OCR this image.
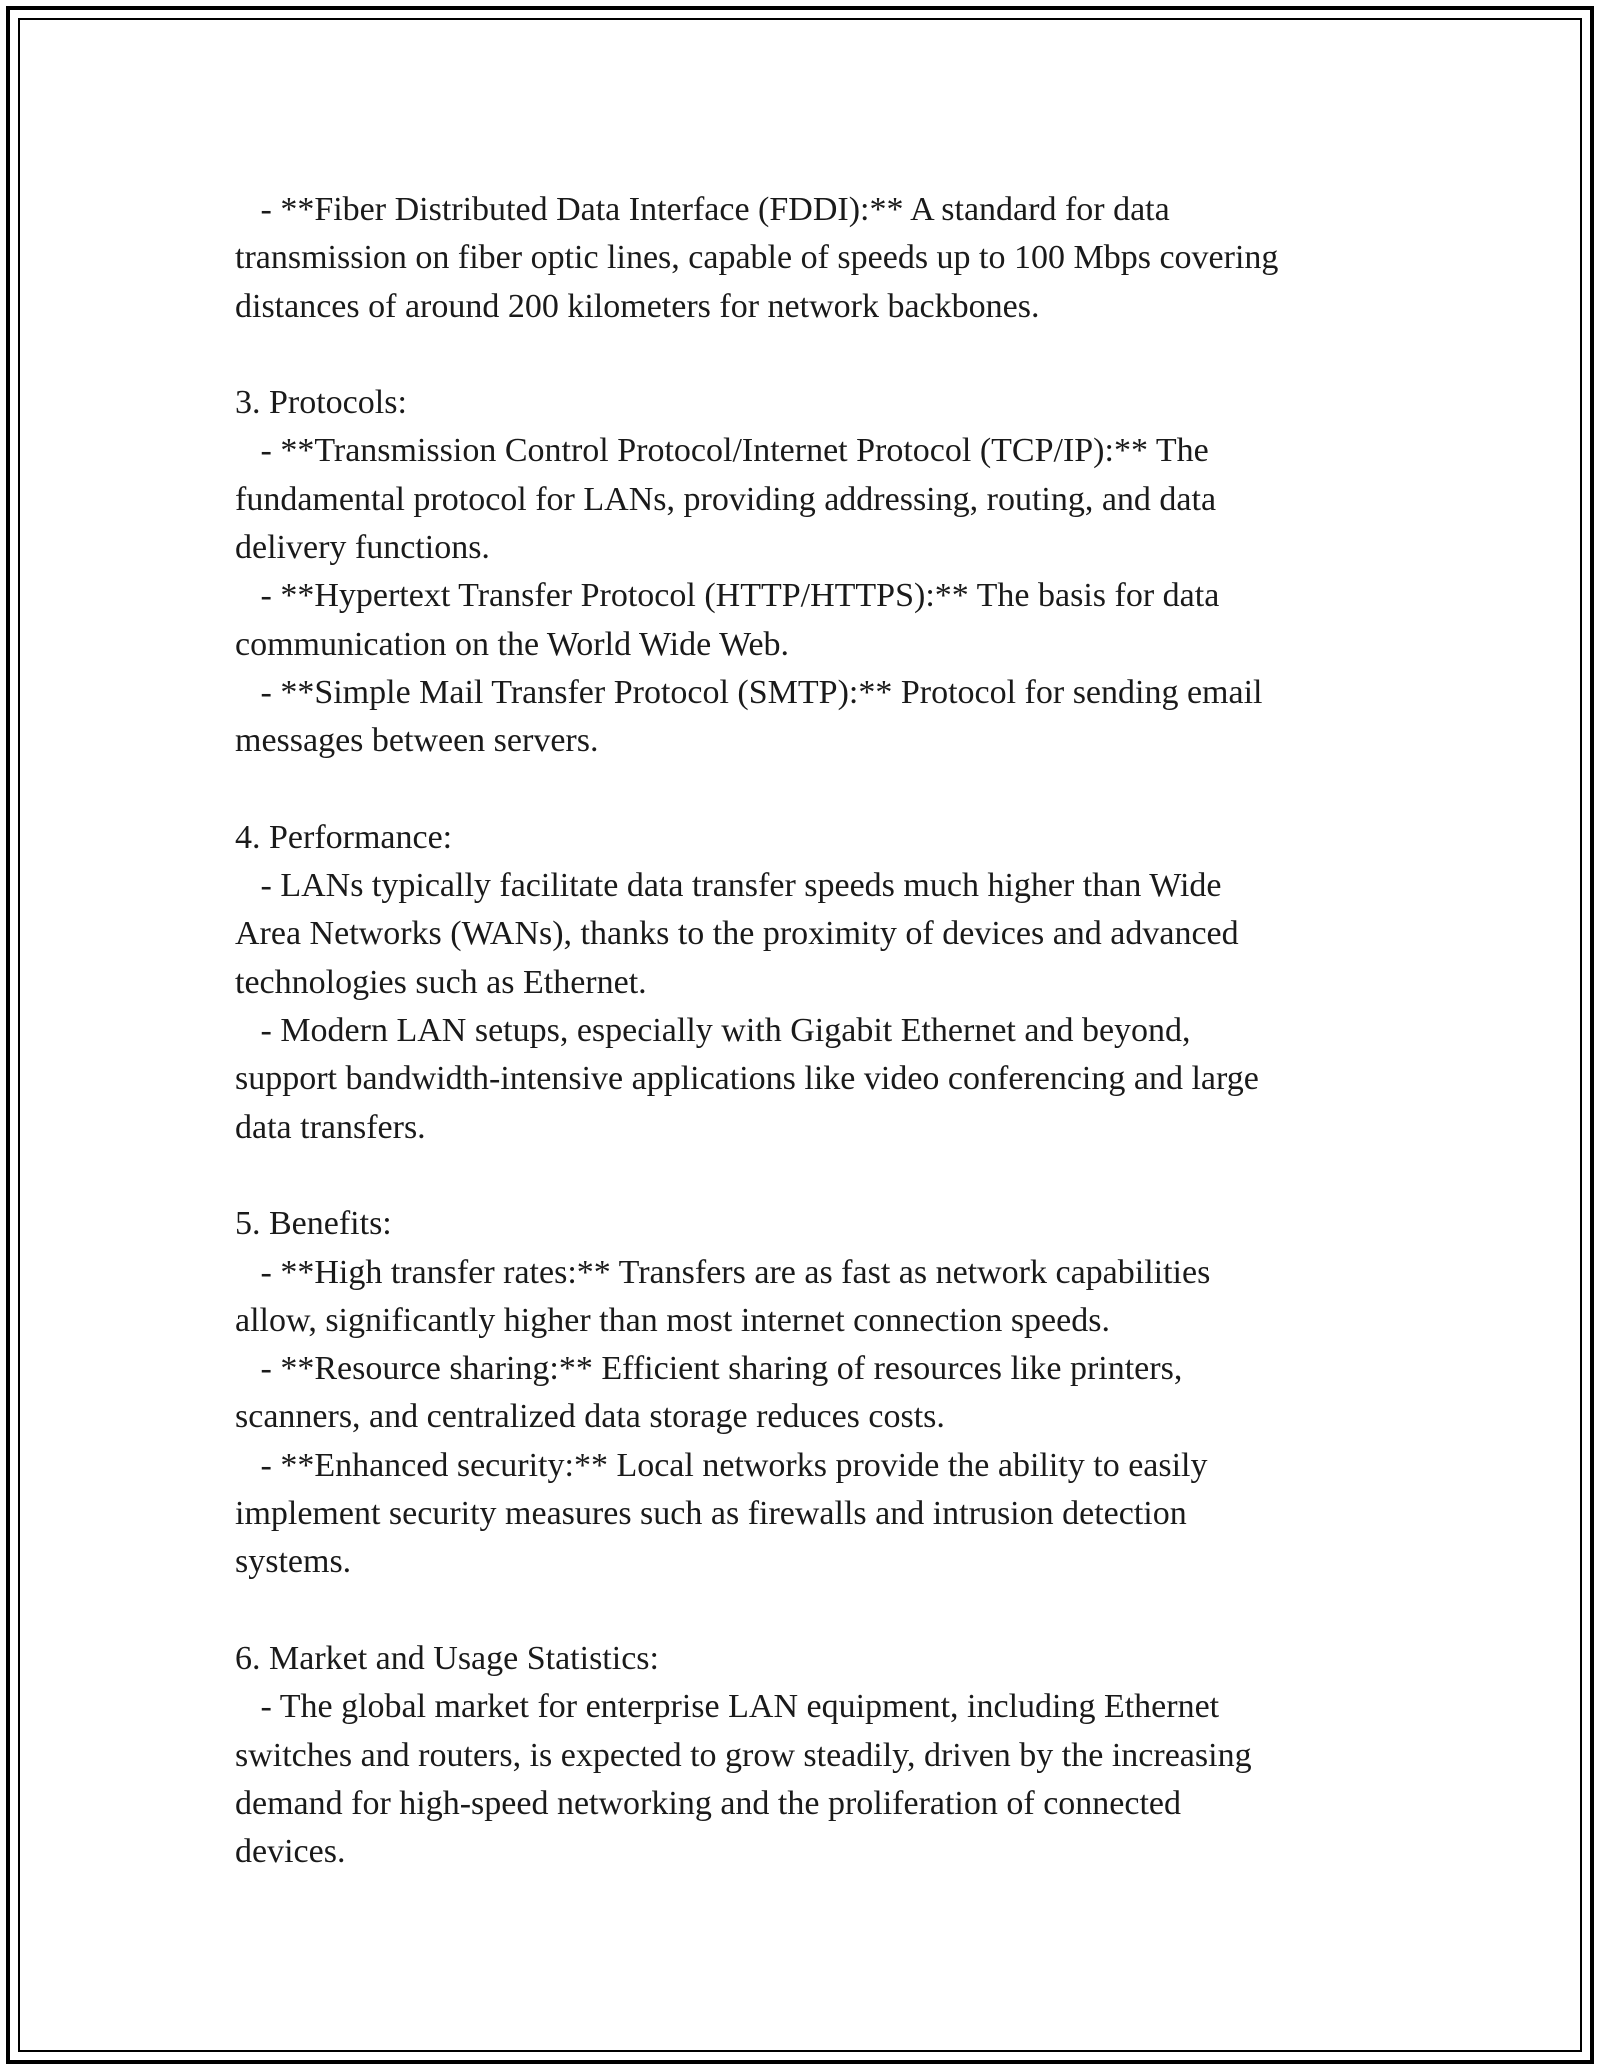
- **Fiber Distributed Data Interface (FDDI):** A standard for data
transmission on fiber optic lines, capable of speeds up to 100 Mbps covering
distances of around 200 kilometers for network backbones.
3. Protocols:
- **Transmission Control Protocol/Internet Protocol (TCP/IP):** The
fundamental protocol for LANs, providing addressing, routing, and data
delivery functions.
- **Hypertext Transfer Protocol (HTTP/HTTPS):** The basis for data
communication on the World Wide Web.
- **Simple Mail Transfer Protocol (SMTP):** Protocol for sending email
messages between servers.
4. Performance:
- LANs typically facilitate data transfer speeds much higher than Wide
Area Networks (WANs), thanks to the proximity of devices and advanced
technologies such as Ethernet.
- Modern LAN setups, especially with Gigabit Ethernet and beyond,
support bandwidth-intensive applications like video conferencing and large
data transfers.
5. Benefits:
- **High transfer rates:** Transfers are as fast as network capabilities
allow, significantly higher than most internet connection speeds.
- **Resource sharing:** Efficient sharing of resources like printers,
scanners, and centralized data storage reduces costs.
- **Enhanced security:** Local networks provide the ability to easily
implement security measures such as firewalls and intrusion detection
systems.
6. Market and Usage Statistics:
- The global market for enterprise LAN equipment, including Ethernet
switches and routers, is expected to grow steadily, driven by the increasing
demand for high-speed networking and the proliferation of connected
devices.
